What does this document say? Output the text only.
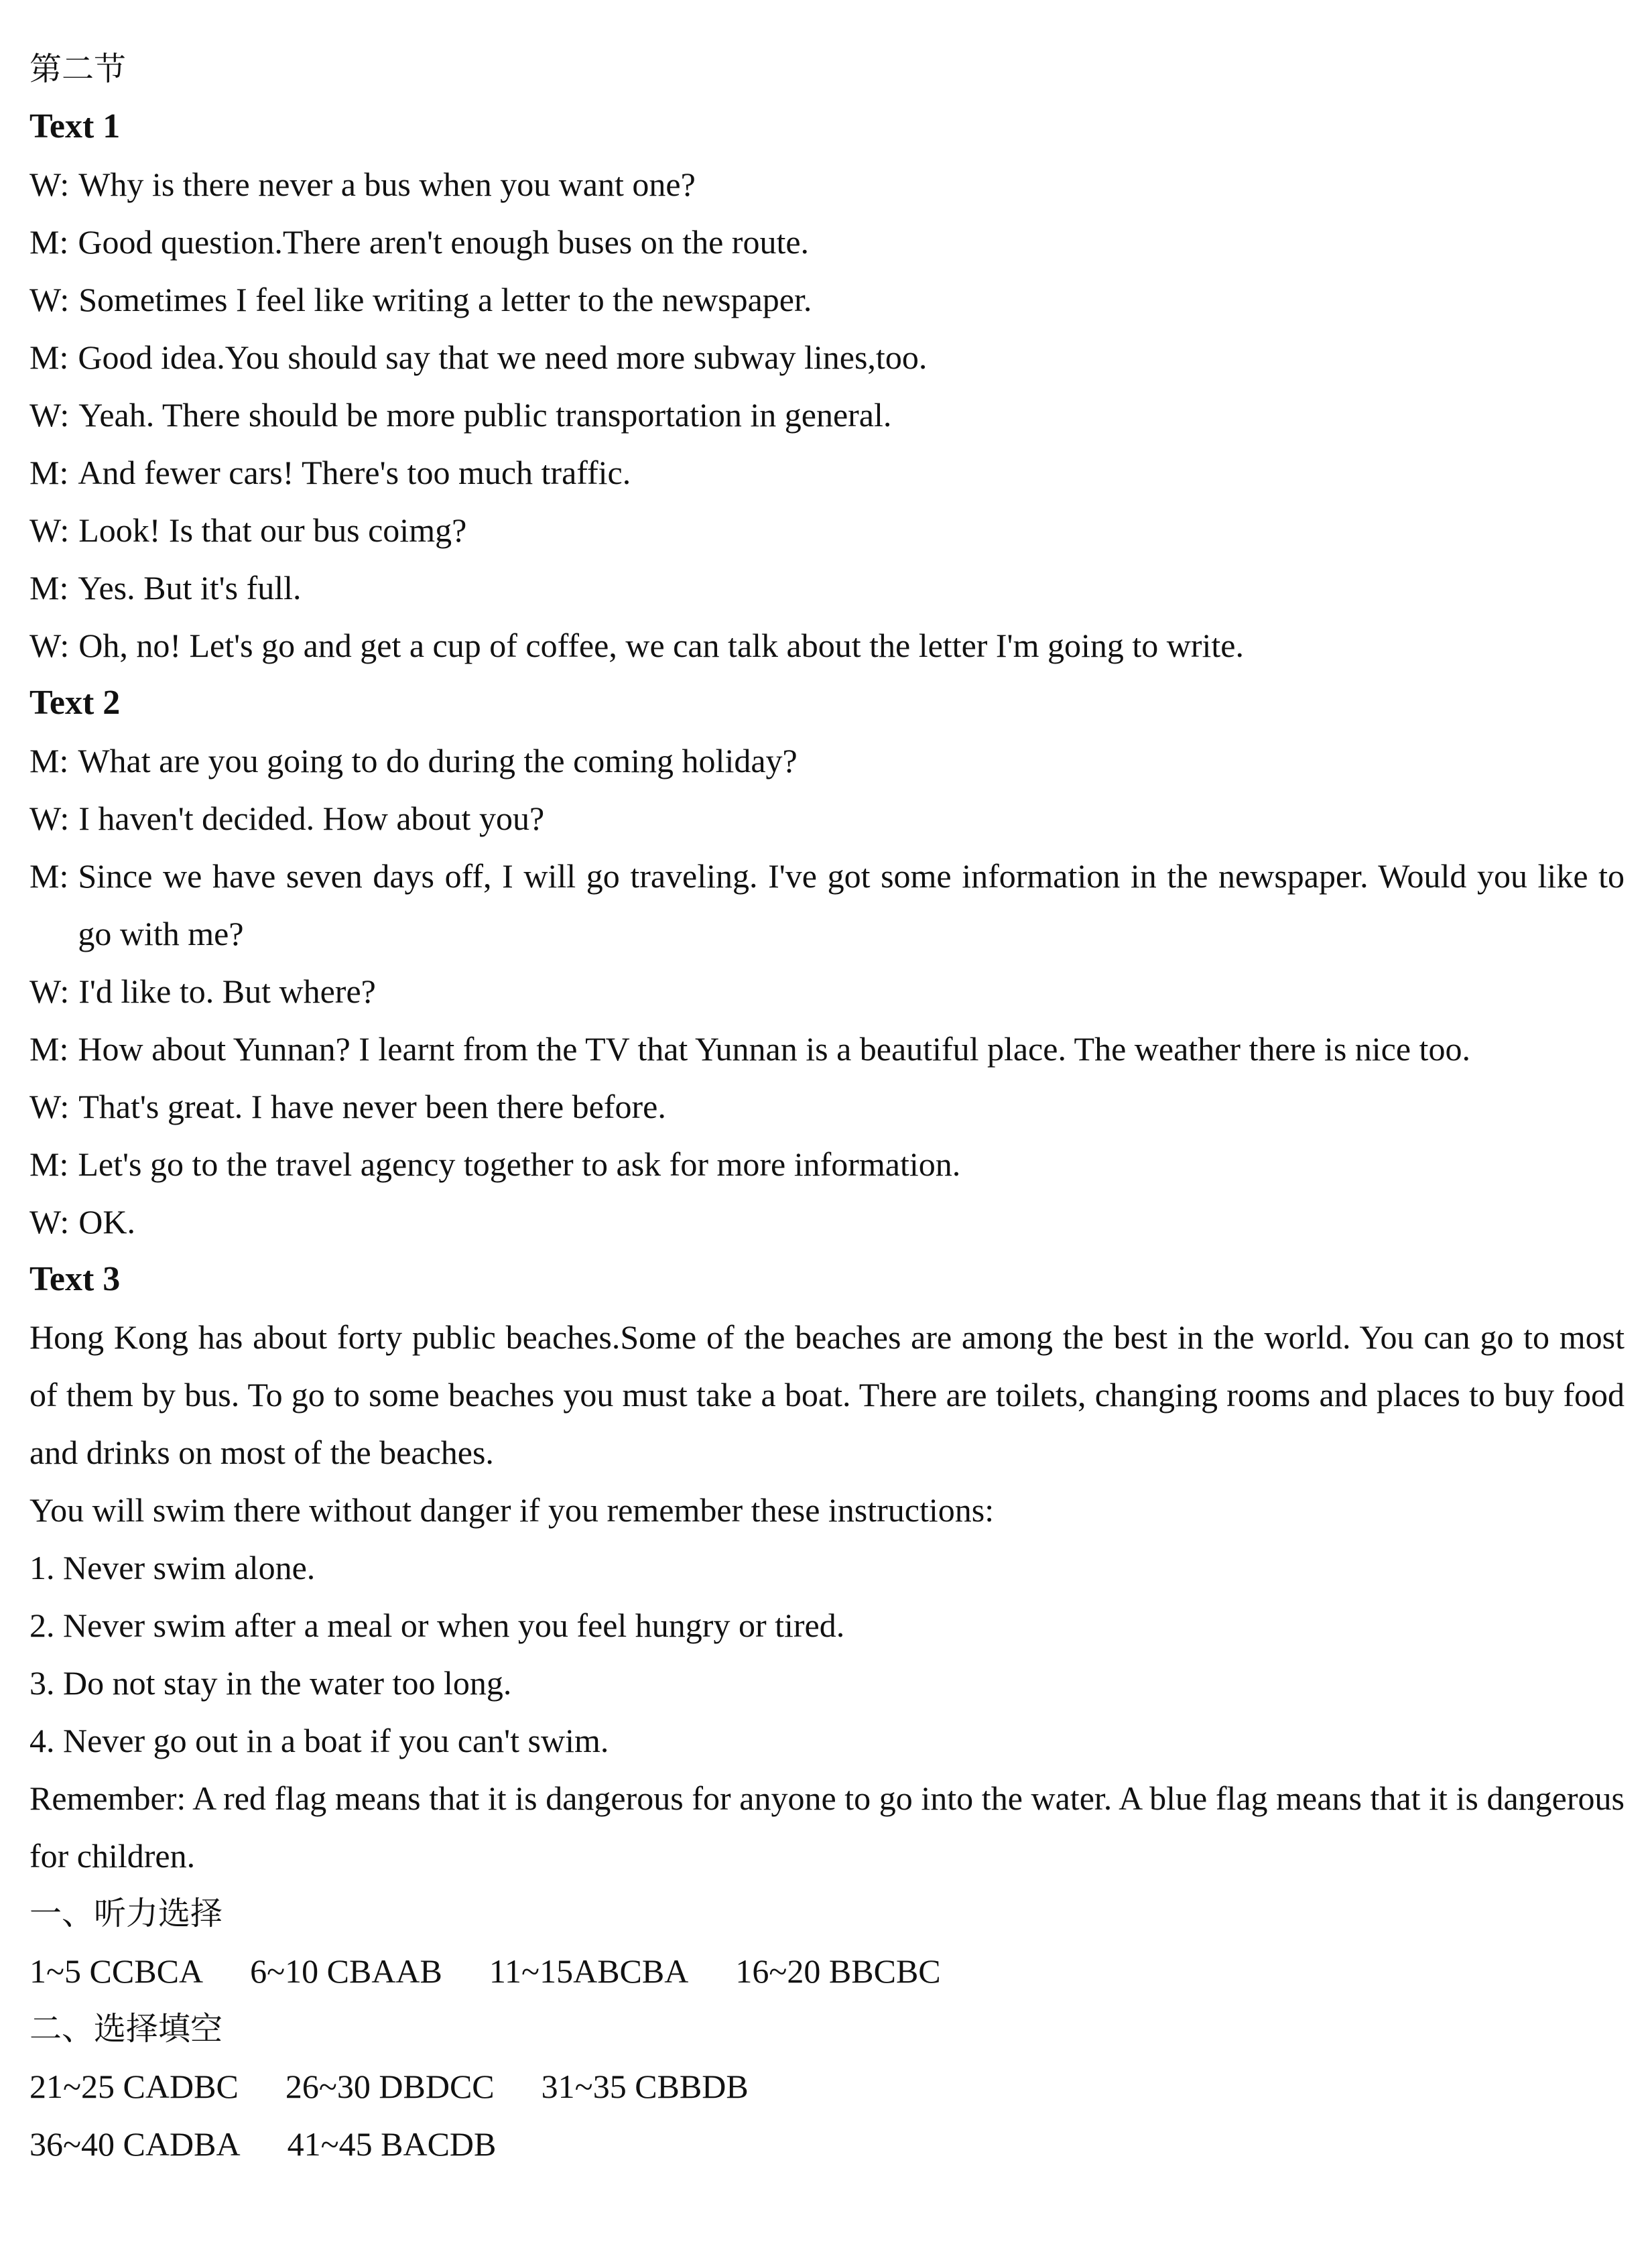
第二节
Text 1
W: Why is there never a bus when you want one?
M: Good question.There aren't enough buses on the route.
W: Sometimes I feel like writing a letter to the newspaper.
M: Good idea.You should say that we need more subway lines,too.
W: Yeah. There should be more public transportation in general.
M: And fewer cars! There's too much traffic.
W: Look! Is that our bus coimg?
M: Yes. But it's full.
W: Oh, no! Let's go and get a cup of coffee, we can talk about the letter I'm going to write.
Text 2
M: What are you going to do during the coming holiday?
W: I haven't decided. How about you?
M: Since we have seven days off, I will go traveling. I've got some information in the newspaper. Would you like to go with me?
W: I'd like to. But where?
M: How about Yunnan? I learnt from the TV that Yunnan is a beautiful place. The weather there is nice too.
W: That's great. I have never been there before.
M: Let's go to the travel agency together to ask for more information.
W: OK.
Text 3
Hong Kong has about forty public beaches.Some of the beaches are among the best in the world. You can go to most of them by bus. To go to some beaches you must take a boat. There are toilets, changing rooms and places to buy food and drinks on most of the beaches.
You will swim there without danger if you remember these instructions:
1. Never swim alone.
2. Never swim after a meal or when you feel hungry or tired.
3. Do not stay in the water too long.
4. Never go out in a boat if you can't swim.
Remember: A red flag means that it is dangerous for anyone to go into the water. A blue flag means that it is dangerous for children.
一、听力选择
1~5 CCBCA 6~10 CBAAB 11~15ABCBA 16~20 BBCBC
二、选择填空
21~25 CADBC 26~30 DBDCC 31~35 CBBDB
36~40 CADBA 41~45 BACDB
